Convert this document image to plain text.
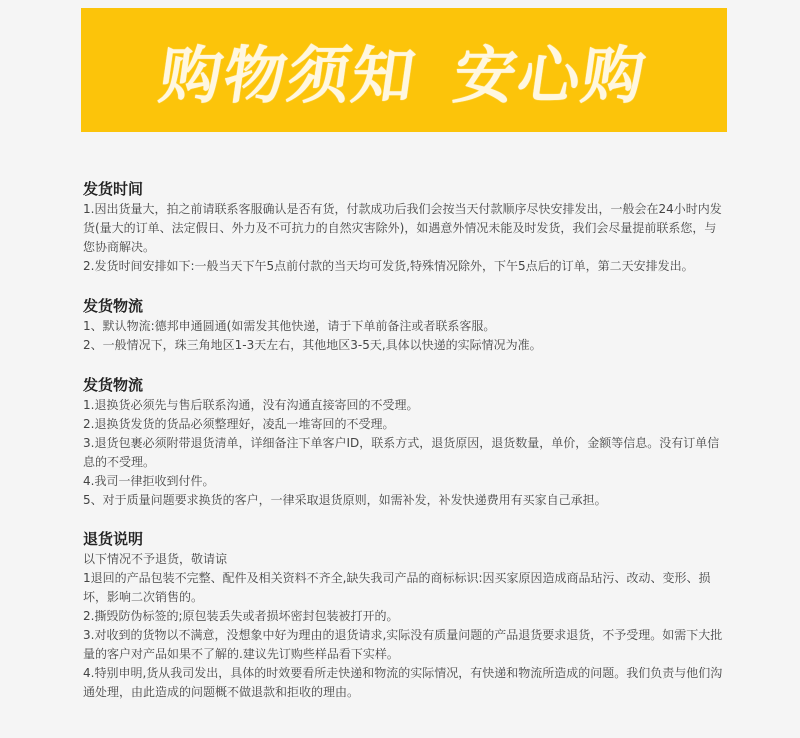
购物须知 安心购
发货时间

1.因出货量大，拍之前请联系客服确认是否有货，付款成功后我们会按当天付款顺序尽快安排发出，一般会在24小时内发货(量大的订单、法定假日、外力及不可抗力的自然灾害除外)，如遇意外情况未能及时发货，我们会尽量提前联系您，与您协商解决。

2.发货时间安排如下:一般当天下午5点前付款的当天均可发货,特殊情况除外，下午5点后的订单，第二天安排发出。

发货物流

1、默认物流:德邦申通圆通(如需发其他快递，请于下单前备注或者联系客服。

2、一般情况下，珠三角地区1-3天左右，其他地区3-5天,具体以快递的实际情况为准。

发货物流

1.退换货必须先与售后联系沟通，没有沟通直接寄回的不受理。

2.退换货发货的货品必须整理好，凌乱一堆寄回的不受理。

3.退货包裹必须附带退货清单，详细备注下单客户ID，联系方式，退货原因，退货数量，单价，金额等信息。没有订单信息的不受理。

4.我司一律拒收到付件。

5、对于质量问题要求换货的客户，一律采取退货原则，如需补发，补发快递费用有买家自己承担。

退货说明

以下情况不予退货，敬请谅

1退回的产品包装不完整、配件及相关资料不齐全,缺失我司产品的商标标识:因买家原因造成商品玷污、改动、变形、损坏，影响二次销售的。

2.撕毁防伪标签的;原包装丢失或者损坏密封包装被打开的。

3.对收到的货物以不满意，没想象中好为理由的退货请求,实际没有质量问题的产品退货要求退货，不予受理。如需下大批量的客户对产品如果不了解的.建议先订购些样品看下实样。

4.特别申明,货从我司发出，具体的时效要看所走快递和物流的实际情况，有快递和物流所造成的问题。我们负责与他们沟通处理，由此造成的问题概不做退款和拒收的理由。
